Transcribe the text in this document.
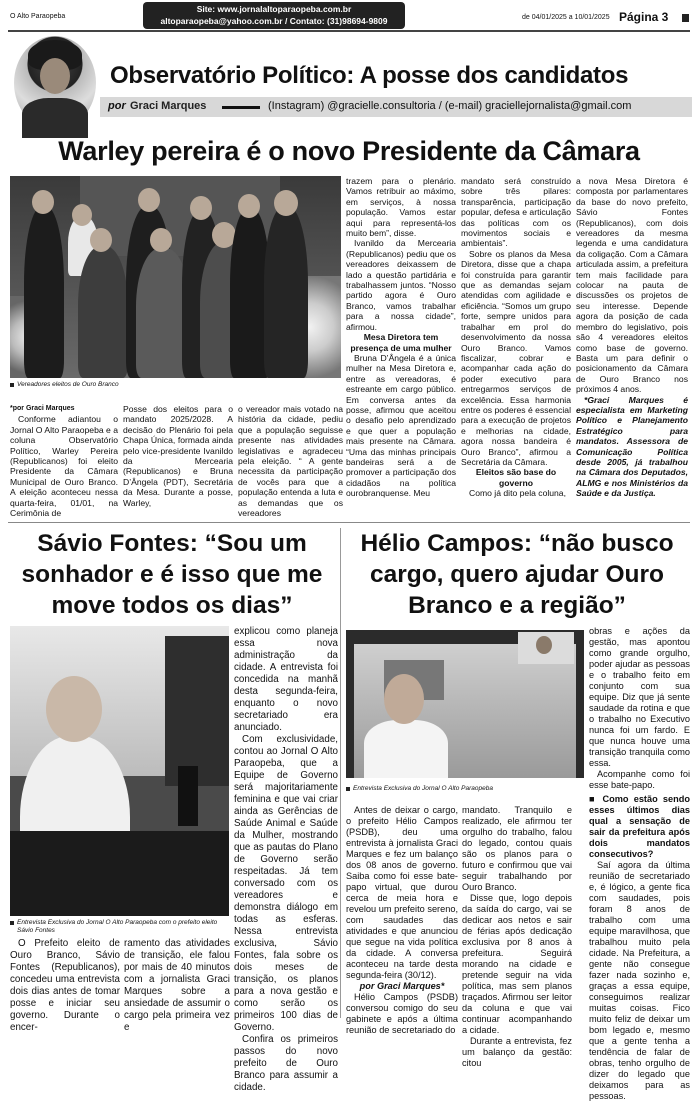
O Alto Paraopeba
Site: www.jornalaltoparaopeba.com.br
altoparaopeba@yahoo.com.br / Contato: (31)98694-9809	de 04/01/2025 a 10/01/2025 Página 3
Observatório Político: A posse dos candidatos
por Graci Marques	(Instagram) @gracielle.consultoria / (e-mail) graciellejornalista@gmail.com
Warley pereira é o novo Presidente da Câmara
Vereadores eleitos de Ouro Branco
*por Graci Marques
Conforme adiantou o Jornal O Alto Paraopeba e a coluna Observatório Político, Warley Pereira (Republicanos) foi eleito Presidente da Câmara Municipal de Ouro Branco. A eleição aconteceu nessa quarta-feira, 01/01, na Cerimônia de
Posse dos eleitos para o mandato 2025/2028. A decisão do Plenário foi pela Chapa Única, formada ainda pelo vice-presidente Ivanildo da Mercearia (Republicanos) e Bruna D’Ângela (PDT), Secretária da Mesa. Durante a posse, Warley,
o vereador mais votado na história da cidade, pediu que a população seguisse presente nas atividades legislativas e agradeceu pela eleição. “ A gente necessita da participação de vocês para que a população entenda a luta e as demandas que os vereadores
trazem para o plenário. Vamos retribuir ao máximo, em serviços, à nossa população. Vamos estar aqui para representá-los muito bem”, disse.
Ivanildo da Mercearia (Republicanos) pediu que os vereadores deixassem de lado a questão partidária e trabalhassem juntos. “Nosso partido agora é Ouro Branco, vamos trabalhar para a nossa cidade”, afirmou.
Mesa Diretora tem presença de uma mulher
Bruna D’Ângela é a única mulher na Mesa Diretora e, entre as vereadoras, é estreante em cargo público. Em conversa antes da posse, afirmou que aceitou o desafio pelo aprendizado e que quer a população mais presente na Câmara. “Uma das minhas principais bandeiras será a de promover a participação dos cidadãos na política ourobranquense. Meu
mandato será construído sobre três pilares: transparência, participação popular, defesa e articulação das políticas com os movimentos sociais e ambientais”.
Sobre os planos da Mesa Diretora, disse que a chapa foi construída para garantir que as demandas sejam atendidas com agilidade e eficiência. “Somos um grupo forte, sempre unidos para trabalhar em prol do desenvolvimento da nossa Ouro Branco. Vamos fiscalizar, cobrar e acompanhar cada ação do poder executivo para entregarmos serviços de excelência. Essa harmonia entre os poderes é essencial para a execução de projetos e melhorias na cidade, agora nossa bandeira é Ouro Branco”, afirmou a Secretária da Câmara.
Eleitos são base do governo
Como já dito pela coluna,
a nova Mesa Diretora é composta por parlamentares da base do novo prefeito, Sávio Fontes (Republicanos), com dois vereadores da mesma legenda e uma candidatura da coligação. Com a Câmara articulada assim, a prefeitura tem mais facilidade para colocar na pauta de discussões os projetos de seu interesse. Depende agora da posição de cada membro do legislativo, pois são 4 vereadores eleitos como base de governo. Basta um para definir o posicionamento da Câmara de Ouro Branco nos próximos 4 anos.
*Graci Marques é especialista em Marketing Político e Planejamento Estratégico para mandatos. Assessora de Comunicação Política desde 2005, já trabalhou na Câmara dos Deputados, ALMG e nos Ministérios da Saúde e da Justiça.
Sávio Fontes: “Sou um sonhador e é isso que me move todos os dias”
Entrevista Exclusiva do Jornal O Alto Paraopeba com o prefeito eleito Sávio Fontes
O Prefeito eleito de Ouro Branco, Sávio Fontes (Republicanos), concedeu uma entrevista dois dias antes de tomar posse e iniciar seu governo. Durante o encer-
ramento das atividades de transição, ele falou por mais de 40 minutos com a jornalista Graci Marques sobre a ansiedade de assumir o cargo pela primeira vez e
explicou como planeja essa nova administração da cidade. A entrevista foi concedida na manhã desta segunda-feira, enquanto o novo secretariado era anunciado.
Com exclusividade, contou ao Jornal O Alto Paraopeba, que a Equipe de Governo será majoritariamente feminina e que vai criar ainda as Gerências de Saúde Animal e Saúde da Mulher, mostrando que as pautas do Plano de Governo serão respeitadas. Já tem conversado com os vereadores e demonstra diálogo em todas as esferas. Nessa entrevista exclusiva, Sávio Fontes, fala sobre os dois meses de transição, os planos para a nova gestão e como serão os primeiros 100 dias de Governo.
Confira os primeiros passos do novo prefeito de Ouro Branco para assumir a cidade.
Hélio Campos: “não busco cargo, quero ajudar Ouro Branco e a região”
Entrevista Exclusiva do Jornal O Alto Paraopeba
Antes de deixar o cargo, o prefeito Hélio Campos (PSDB), deu uma entrevista à jornalista Graci Marques e fez um balanço dos 08 anos de governo. Saiba como foi esse bate-papo virtual, que durou cerca de meia hora e revelou um prefeito sereno, com saudades das atividades e que anunciou que segue na vida política da cidade. A conversa aconteceu na tarde desta segunda-feira (30/12).
por Graci Marques*
Hélio Campos (PSDB) conversou comigo do seu gabinete e após a última reunião de secretariado do
mandato. Tranquilo e realizado, ele afirmou ter orgulho do trabalho, falou do legado, contou quais são os planos para o futuro e confirmou que vai seguir trabalhando por Ouro Branco.
Disse que, logo depois da saída do cargo, vai se dedicar aos netos e sair de férias após dedicação exclusiva por 8 anos à prefeitura. Seguirá morando na cidade e pretende seguir na vida política, mas sem planos traçados. Afirmou ser leitor da coluna e que vai continuar acompanhando a cidade.
Durante a entrevista, fez um balanço da gestão: citou
obras e ações da gestão, mas apontou como grande orgulho, poder ajudar as pessoas e o trabalho feito em conjunto com sua equipe. Diz que já sente saudade da rotina e que o trabalho no Executivo nunca foi um fardo. E que nunca houve uma transição tranquila como essa.
Acompanhe como foi esse bate-papo.
■ Como estão sendo esses últimos dias qual a sensação de sair da prefeitura após dois mandatos consecutivos?
Saí agora da última reunião de secretariado e, é lógico, a gente fica com saudades, pois foram 8 anos de trabalho com uma equipe maravilhosa, que trabalhou muito pela cidade. Na Prefeitura, a gente não consegue fazer nada sozinho e, graças a essa equipe, conseguimos realizar muitas coisas. Fico muito feliz de deixar um bom legado e, mesmo que a gente tenha a tendência de falar de obras, tenho orgulho de dizer do legado que deixamos para as pessoas.
